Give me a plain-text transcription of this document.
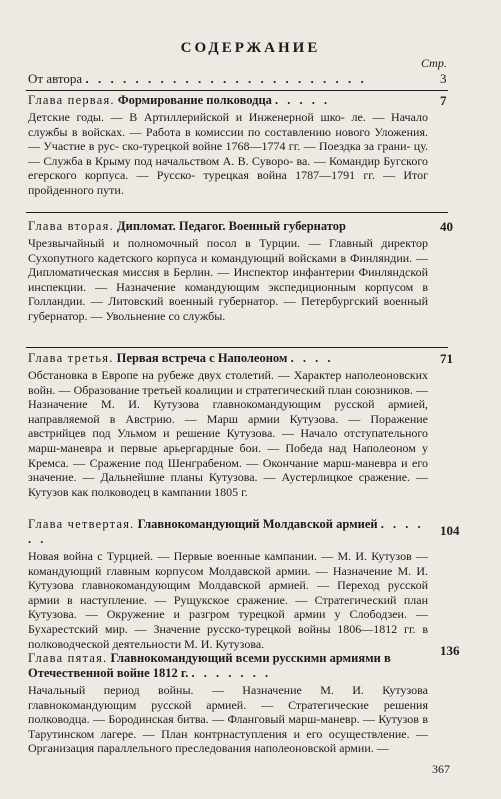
СОДЕРЖАНИЕ
Стр.
От автора . . . . . . . . . . . . . . . . . . . . . . .	3

Глава первая. Формирование полководца . . . . .

Детские годы. — В Артиллерийской и Инженерной шко- ле. — Начало службы в войсках. — Работа в комиссии по составлению нового Уложения. — Участие в рус- ско-турецкой войне 1768—1774 гг. — Поездка за грани- цу. — Служба в Крыму под начальством А. В. Суворо- ва. — Командир Бугского егерского корпуса. — Русско- турецкая война 1787—1791 гг. — Итог пройденного пути.

7

Глава вторая. Дипломат. Педагог. Военный губернатор

Чрезвычайный и полномочный посол в Турции. — Главный директор Сухопутного кадетского корпуса и командующий войсками в Финляндии. — Дипломатическая миссия в Берлин. — Инспектор инфантерии Финляндской инспекции. — Назначение командующим экспедиционным корпусом в Голландии. — Литовский военный губернатор. — Петербургский военный губернатор. — Увольнение со службы.

40

Глава третья. Первая встреча с Наполеоном . . . .

Обстановка в Европе на рубеже двух столетий. — Характер наполеоновских войн. — Образование третьей коалиции и стратегический план союзников. — Назначение М. И. Кутузова главнокомандующим русской армией, направляемой в Австрию. — Марш армии Кутузова. — Поражение австрийцев под Ульмом и решение Кутузова. — Начало отступательного марш-маневра и первые арьергардные бои. — Победа над Наполеоном у Кремса. — Сражение под Шенграбеном. — Окончание марш-маневра и его значение. — Дальнейшие планы Кутузова. — Аустерлицкое сражение. — Кутузов как полководец в кампании 1805 г.

71

Глава четвертая. Главнокомандующий Молдавской армией . . . . . .

Новая война с Турцией. — Первые военные кампании. — М. И. Кутузов — командующий главным корпусом Молдавской армии. — Назначение М. И. Кутузова главнокомандующим Молдавской армией. — Переход русской армии в наступление. — Рущукское сражение. — Стратегический план Кутузова. — Окружение и разгром турецкой армии у Слободзеи. — Бухарестский мир. — Значение русско-турецкой войны 1806—1812 гг. в полководческой деятельности М. И. Кутузова.

104

Глава пятая. Главнокомандующий всеми русскими армиями в Отечественной войне 1812 г. . . . . . . .

Начальный период войны. — Назначение М. И. Кутузова главнокомандующим русской армией. — Стратегические решения полководца. — Бородинская битва. — Фланговый марш-маневр. — Кутузов в Тарутинском лагере. — План контрнаступления и его осуществление. — Организация параллельного преследования наполеоновской армии. —

136
367
